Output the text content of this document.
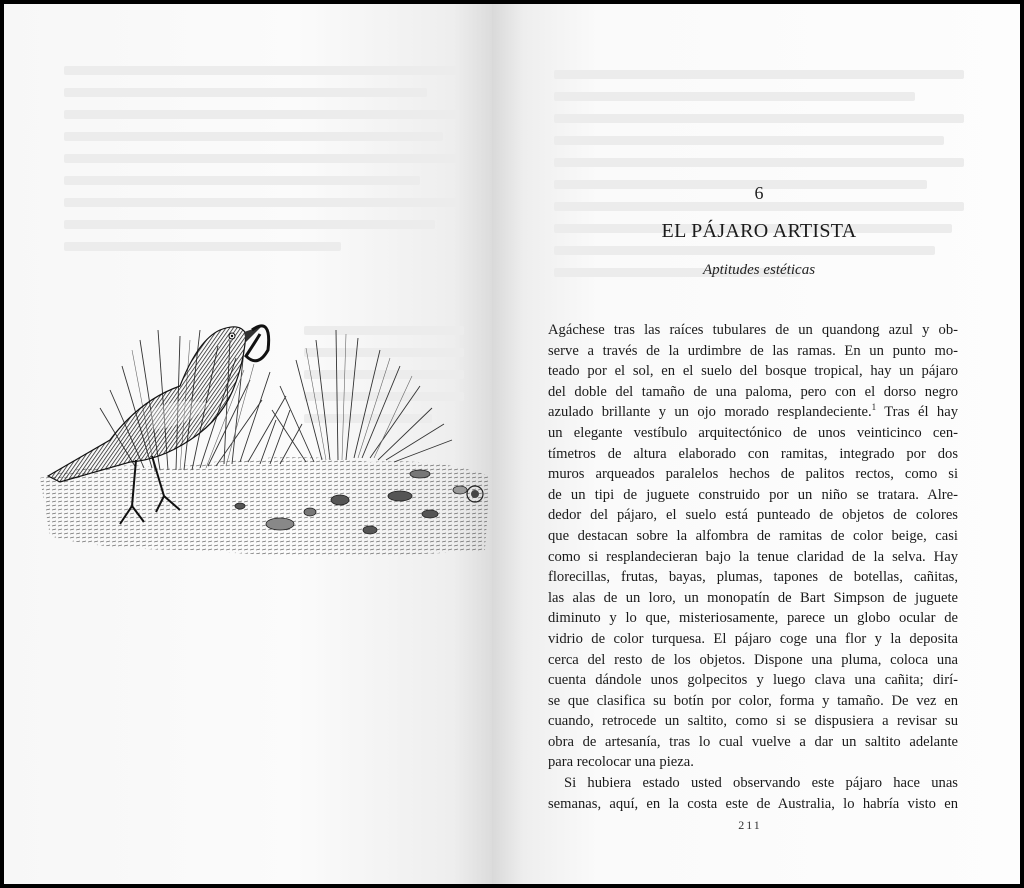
6
EL PÁJARO ARTISTA
Aptitudes estéticas
Agáchese tras las raíces tubulares de un quandong azul y ob-
serve a través de la urdimbre de las ramas. En un punto mo-
teado por el sol, en el suelo del bosque tropical, hay un pájaro
del doble del tamaño de una paloma, pero con el dorso negro
azulado brillante y un ojo morado resplandeciente.$^1$ Tras él hay
un elegante vestíbulo arquitectónico de unos veinticinco cen-
tímetros de altura elaborado con ramitas, integrado por dos
muros arqueados paralelos hechos de palitos rectos, como si
de un tipi de juguete construido por un niño se tratara. Alre-
dedor del pájaro, el suelo está punteado de objetos de colores
que destacan sobre la alfombra de ramitas de color beige, casi
como si resplandecieran bajo la tenue claridad de la selva. Hay
florecillas, frutas, bayas, plumas, tapones de botellas, cañitas,
las alas de un loro, un monopatín de Bart Simpson de juguete
diminuto y lo que, misteriosamente, parece un globo ocular de
vidrio de color turquesa. El pájaro coge una flor y la deposita
cerca del resto de los objetos. Dispone una pluma, coloca una
cuenta dándole unos golpecitos y luego clava una cañita; dirí-
se que clasifica su botín por color, forma y tamaño. De vez en
cuando, retrocede un saltito, como si se dispusiera a revisar su
obra de artesanía, tras lo cual vuelve a dar un saltito adelante
para recolocar una pieza.
Si hubiera estado usted observando este pájaro hace unas
semanas, aquí, en la costa este de Australia, lo habría visto en
211
